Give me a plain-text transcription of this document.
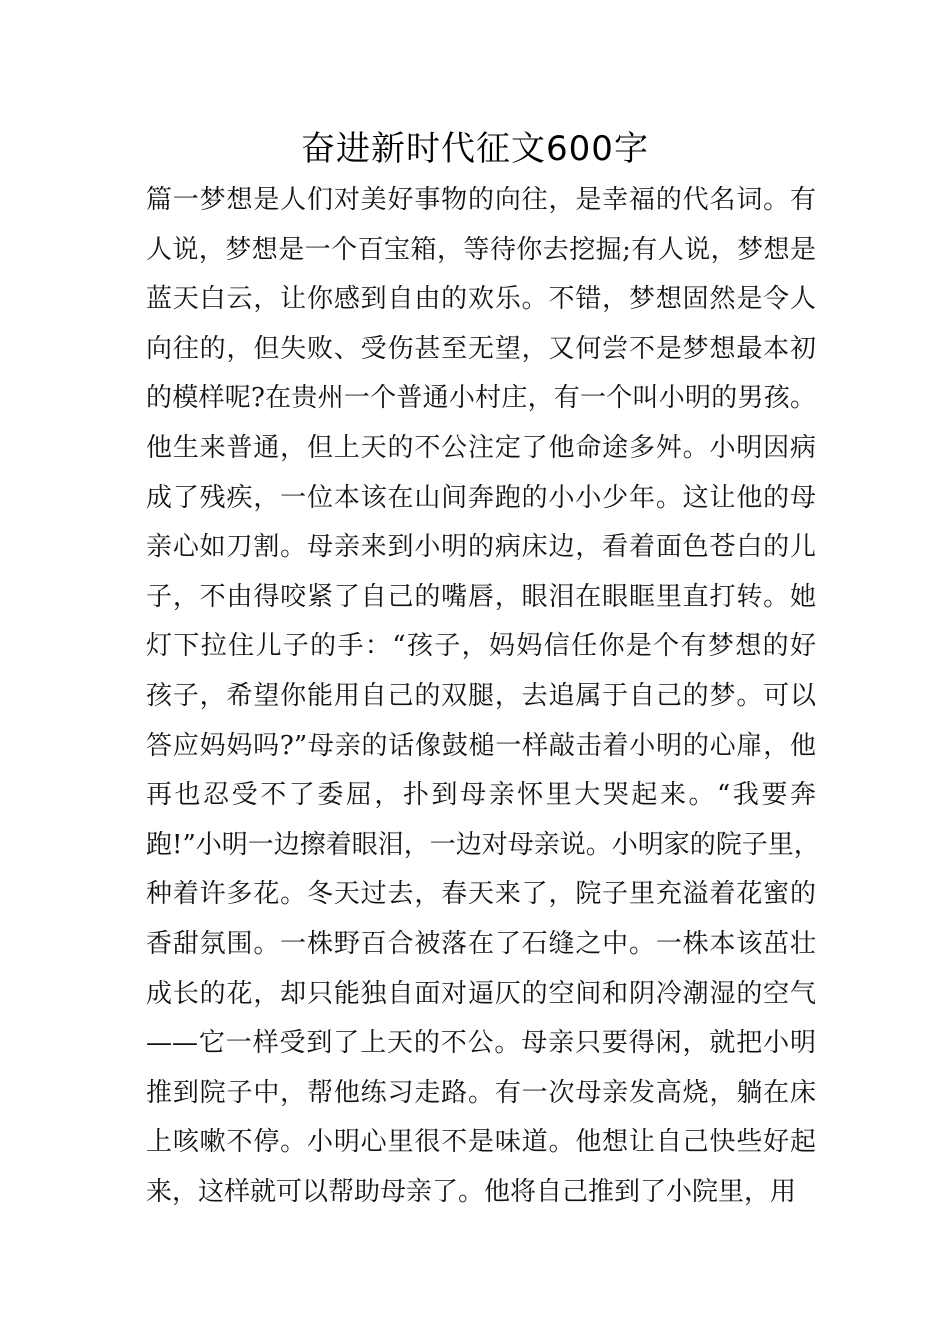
奋进新时代征文600字
篇一梦想是人们对美好事物的向往，是幸福的代名词。有
人说，梦想是一个百宝箱，等待你去挖掘;有人说，梦想是
蓝天白云，让你感到自由的欢乐。不错，梦想固然是令人
向往的，但失败、受伤甚至无望，又何尝不是梦想最本初
的模样呢?在贵州一个普通小村庄，有一个叫小明的男孩。
他生来普通，但上天的不公注定了他命途多舛。小明因病
成了残疾，一位本该在山间奔跑的小小少年。这让他的母
亲心如刀割。母亲来到小明的病床边，看着面色苍白的儿
子，不由得咬紧了自己的嘴唇，眼泪在眼眶里直打转。她
灯下拉住儿子的手：“孩子，妈妈信任你是个有梦想的好
孩子，希望你能用自己的双腿，去追属于自己的梦。可以
答应妈妈吗?”母亲的话像鼓槌一样敲击着小明的心扉，他
再也忍受不了委屈，扑到母亲怀里大哭起来。“我要奔
跑!”小明一边擦着眼泪，一边对母亲说。小明家的院子里，
种着许多花。冬天过去，春天来了，院子里充溢着花蜜的
香甜氛围。一株野百合被落在了石缝之中。一株本该茁壮
成长的花，却只能独自面对逼仄的空间和阴冷潮湿的空气
——它一样受到了上天的不公。母亲只要得闲，就把小明
推到院子中，帮他练习走路。有一次母亲发高烧，躺在床
上咳嗽不停。小明心里很不是味道。他想让自己快些好起
来，这样就可以帮助母亲了。他将自己推到了小院里，用
